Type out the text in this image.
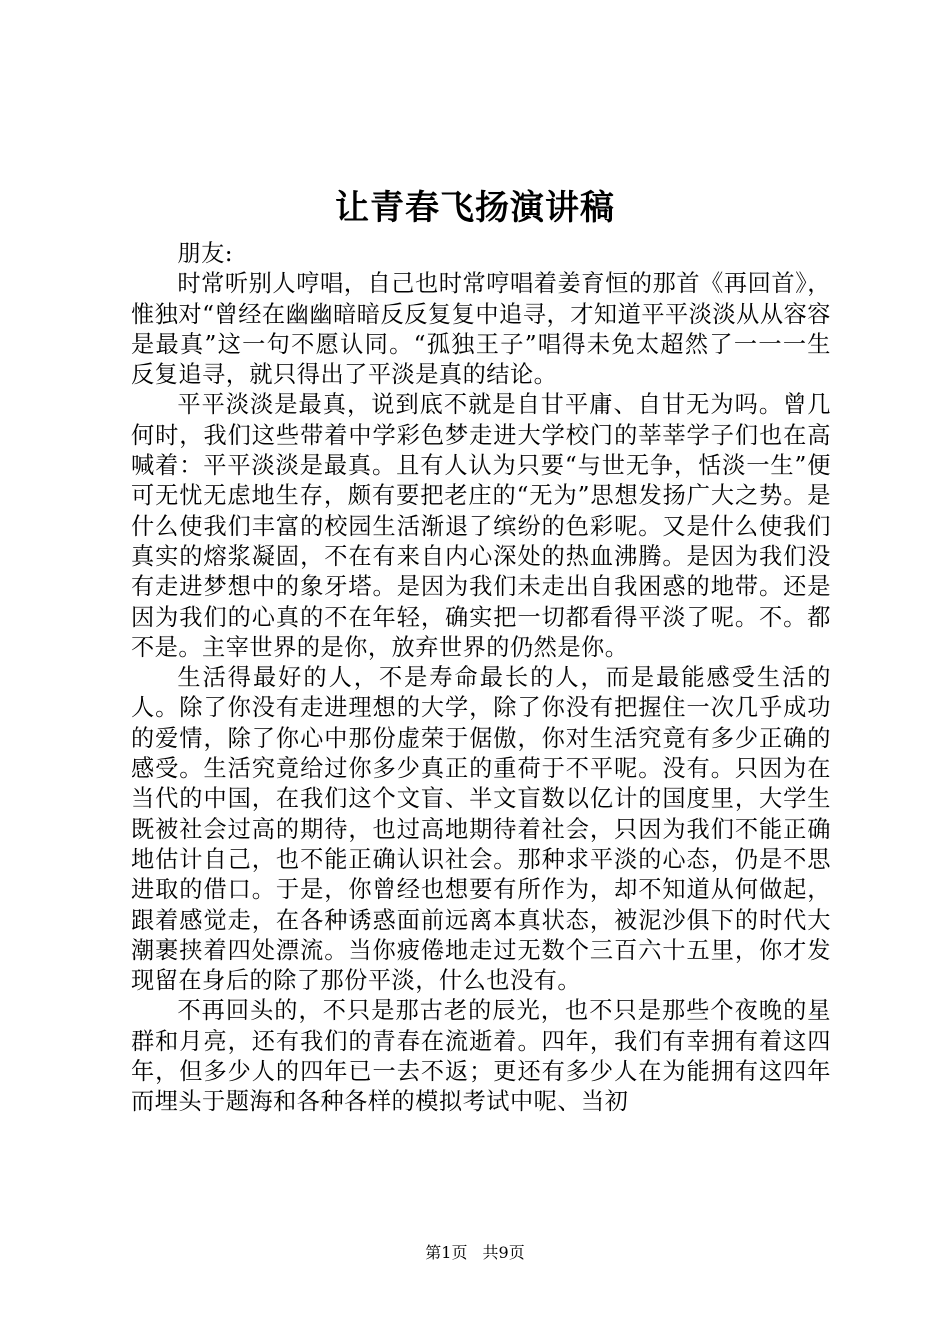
让青春飞扬演讲稿

朋友:

时常听别人哼唱，自己也时常哼唱着姜育恒的那首《再回首》，惟独对“曾经在幽幽暗暗反反复复中追寻，才知道平平淡淡从从容容是最真”这一句不愿认同。“孤独王子”唱得未免太超然了一一一生反复追寻，就只得出了平淡是真的结论。

平平淡淡是最真，说到底不就是自甘平庸、自甘无为吗。曾几何时，我们这些带着中学彩色梦走进大学校门的莘莘学子们也在高喊着：平平淡淡是最真。且有人认为只要“与世无争，恬淡一生”便可无忧无虑地生存，颇有要把老庄的“无为”思想发扬广大之势。是什么使我们丰富的校园生活渐退了缤纷的色彩呢。又是什么使我们真实的熔浆凝固，不在有来自内心深处的热血沸腾。是因为我们没有走进梦想中的象牙塔。是因为我们未走出自我困惑的地带。还是因为我们的心真的不在年轻，确实把一切都看得平淡了呢。不。都不是。主宰世界的是你，放弃世界的仍然是你。

生活得最好的人，不是寿命最长的人，而是最能感受生活的人。除了你没有走进理想的大学，除了你没有把握住一次几乎成功的爱情，除了你心中那份虚荣于倨傲，你对生活究竟有多少正确的感受。生活究竟给过你多少真正的重荷于不平呢。没有。只因为在当代的中国，在我们这个文盲、半文盲数以亿计的国度里，大学生既被社会过高的期待，也过高地期待着社会，只因为我们不能正确地估计自己，也不能正确认识社会。那种求平淡的心态，仍是不思进取的借口。于是，你曾经也想要有所作为，却不知道从何做起，跟着感觉走，在各种诱惑面前远离本真状态，被泥沙俱下的时代大潮裹挟着四处漂流。当你疲倦地走过无数个三百六十五里，你才发现留在身后的除了那份平淡，什么也没有。

不再回头的，不只是那古老的辰光，也不只是那些个夜晚的星群和月亮，还有我们的青春在流逝着。四年，我们有幸拥有着这四年，但多少人的四年已一去不返；更还有多少人在为能拥有这四年而埋头于题海和各种各样的模拟考试中呢、当初

第1页 共9页
